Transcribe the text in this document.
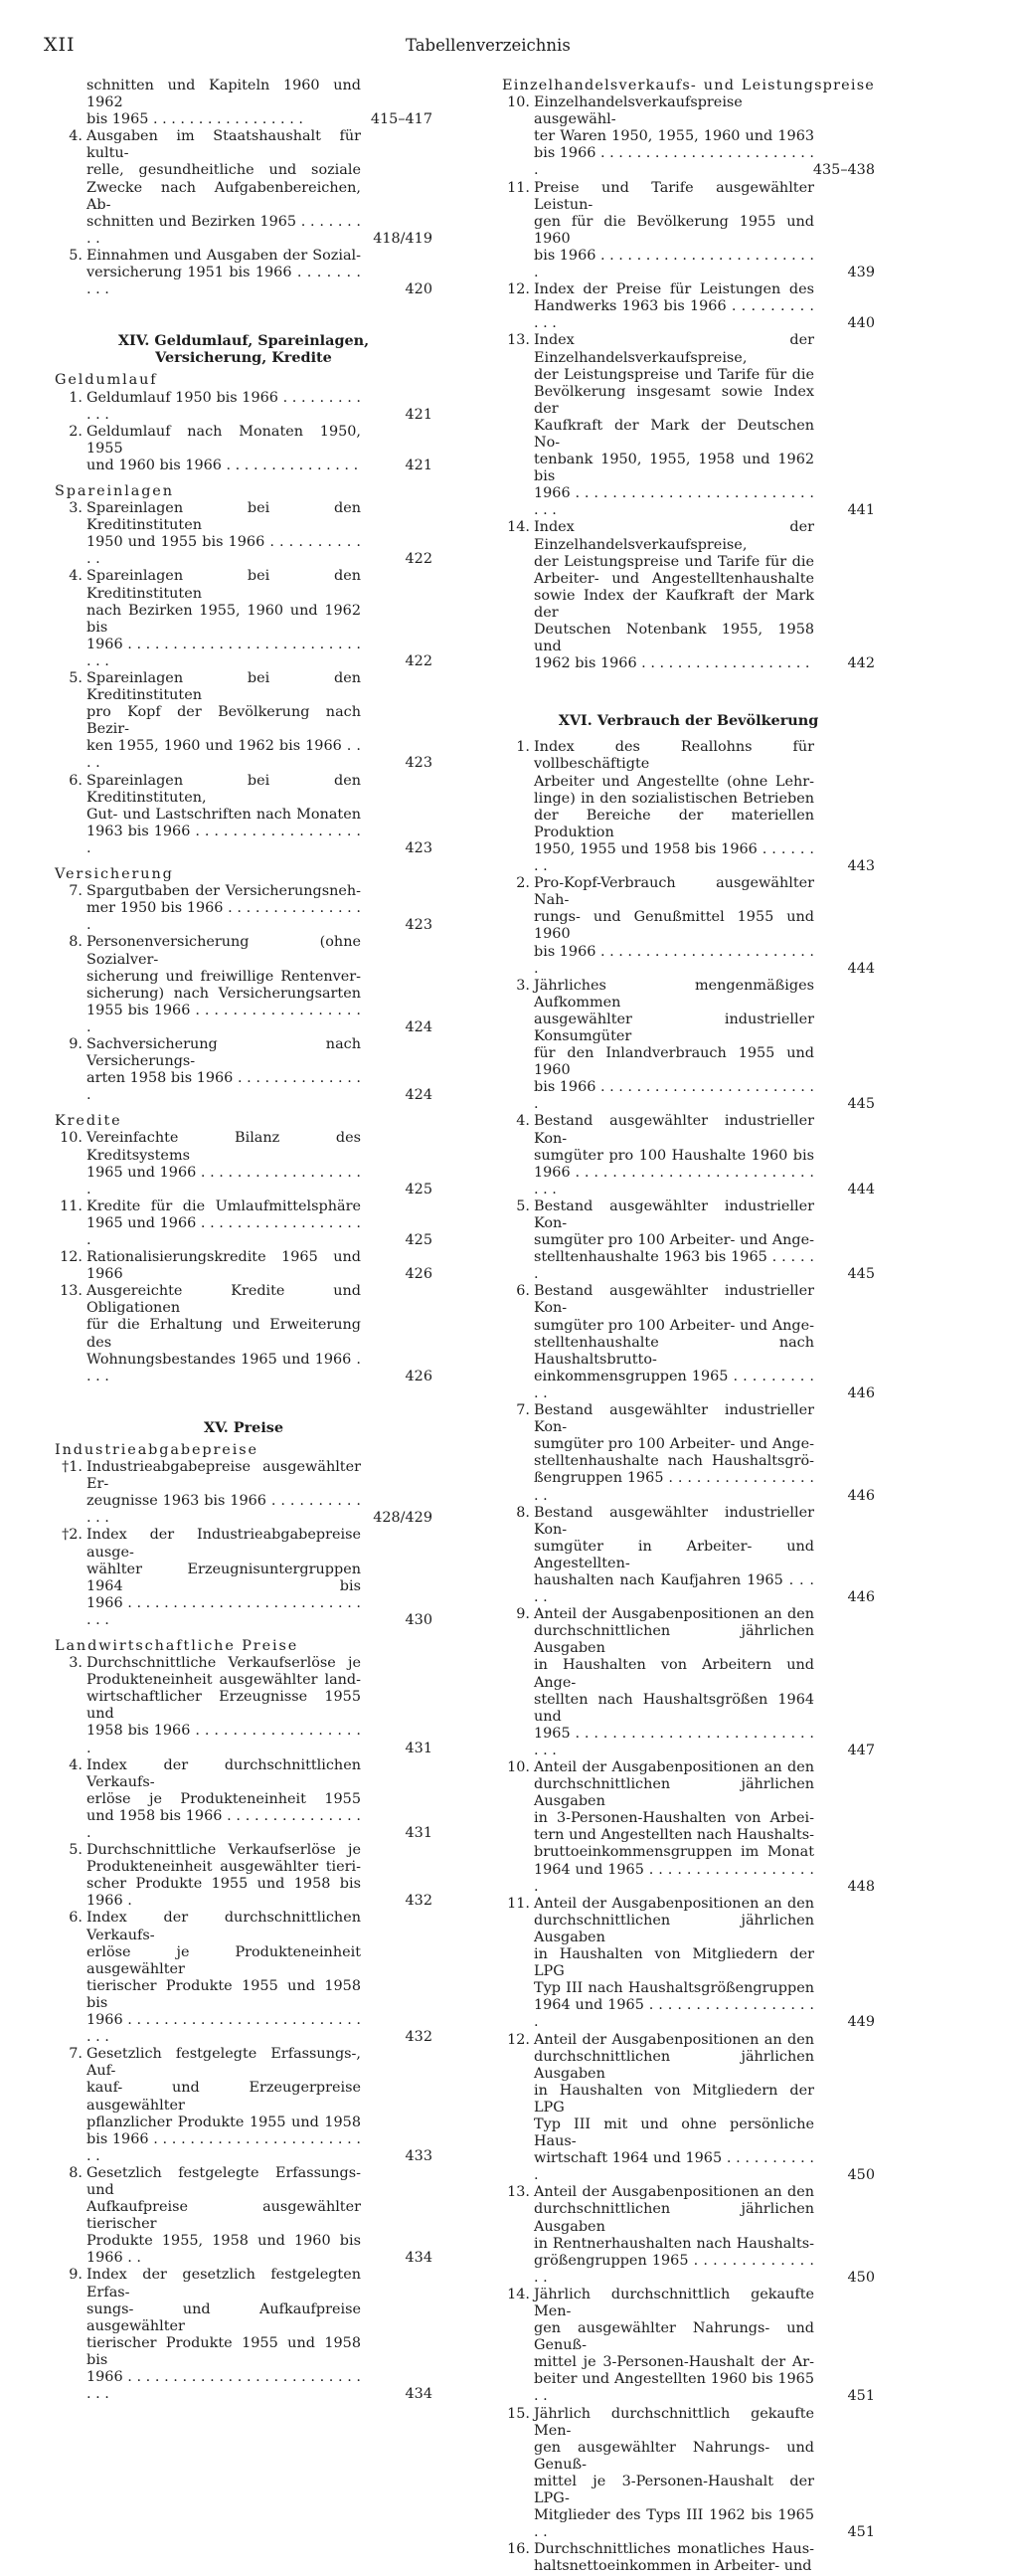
XII	Tabellenverzeichnis
schnitten und Kapiteln 1960 und 1962
bis 1965 . . . . . . . . . . . . . . . . .	415–417
4. Ausgaben im Staatshaushalt für kultu-
relle, gesundheitliche und soziale
Zwecke nach Aufgabenbereichen, Ab-
schnitten und Bezirken 1965 . . . . . . . . .	418/419
5. Einnahmen und Ausgaben der Sozial-
versicherung 1951 bis 1966 . . . . . . . . . .	420
XIV. Geldumlauf, Spareinlagen,
Versicherung, Kredite
Geldumlauf
1. Geldumlauf 1950 bis 1966 . . . . . . . . . . . .	421
2. Geldumlauf nach Monaten 1950, 1955
und 1960 bis 1966 . . . . . . . . . . . . . . .	421
Spareinlagen
3. Spareinlagen bei den Kreditinstituten
1950 und 1955 bis 1966 . . . . . . . . . . . .	422
4. Spareinlagen bei den Kreditinstituten
nach Bezirken 1955, 1960 und 1962 bis
1966 . . . . . . . . . . . . . . . . . . . . . . . . . . . . .	422
5. Spareinlagen bei den Kreditinstituten
pro Kopf der Bevölkerung nach Bezir-
ken 1955, 1960 und 1962 bis 1966 . . . .	423
6. Spareinlagen bei den Kreditinstituten,
Gut- und Lastschriften nach Monaten
1963 bis 1966 . . . . . . . . . . . . . . . . . . .	423
Versicherung
7. Spargutbaben der Versicherungsneh-
mer 1950 bis 1966 . . . . . . . . . . . . . . . .	423
8. Personenversicherung (ohne Sozialver-
sicherung und freiwillige Rentenver-
sicherung) nach Versicherungsarten
1955 bis 1966 . . . . . . . . . . . . . . . . . . .	424
9. Sachversicherung nach Versicherungs-
arten 1958 bis 1966 . . . . . . . . . . . . . . .	424
Kredite
10. Vereinfachte Bilanz des Kreditsystems
1965 und 1966 . . . . . . . . . . . . . . . . . . .	425
11. Kredite für die Umlaufmittelsphäre
1965 und 1966 . . . . . . . . . . . . . . . . . . .	425
12. Rationalisierungskredite 1965 und 1966	426
13. Ausgereichte Kredite und Obligationen
für die Erhaltung und Erweiterung des
Wohnungsbestandes 1965 und 1966 . . . .	426
XV. Preise
Industrieabgabepreise
†1. Industrieabgabepreise ausgewählter Er-
zeugnisse 1963 bis 1966 . . . . . . . . . . . . .	428/429
†2. Index der Industrieabgabepreise ausge-
wählter Erzeugnisuntergruppen 1964 bis
1966 . . . . . . . . . . . . . . . . . . . . . . . . . . . . .	430
Landwirtschaftliche Preise
3. Durchschnittliche Verkaufserlöse je
Produkteneinheit ausgewählter land-
wirtschaftlicher Erzeugnisse 1955 und
1958 bis 1966 . . . . . . . . . . . . . . . . . . .	431
4. Index der durchschnittlichen Verkaufs-
erlöse je Produkteneinheit 1955
und 1958 bis 1966 . . . . . . . . . . . . . . . .	431
5. Durchschnittliche Verkaufserlöse je
Produkteneinheit ausgewählter tieri-
scher Produkte 1955 und 1958 bis 1966 .	432
6. Index der durchschnittlichen Verkaufs-
erlöse je Produkteneinheit ausgewählter
tierischer Produkte 1955 und 1958 bis
1966 . . . . . . . . . . . . . . . . . . . . . . . . . . . . .	432
7. Gesetzlich festgelegte Erfassungs-, Auf-
kauf- und Erzeugerpreise ausgewählter
pflanzlicher Produkte 1955 und 1958
bis 1966 . . . . . . . . . . . . . . . . . . . . . . . . .	433
8. Gesetzlich festgelegte Erfassungs- und
Aufkaufpreise ausgewählter tierischer
Produkte 1955, 1958 und 1960 bis 1966 . .	434
9. Index der gesetzlich festgelegten Erfas-
sungs- und Aufkaufpreise ausgewählter
tierischer Produkte 1955 und 1958 bis
1966 . . . . . . . . . . . . . . . . . . . . . . . . . . . . .	434
Einzelhandelsverkaufs- und Leistungspreise
10. Einzelhandelsverkaufspreise ausgewähl-
ter Waren 1950, 1955, 1960 und 1963
bis 1966 . . . . . . . . . . . . . . . . . . . . . . . . .	435–438
11. Preise und Tarife ausgewählter Leistun-
gen für die Bevölkerung 1955 und 1960
bis 1966 . . . . . . . . . . . . . . . . . . . . . . . . .	439
12. Index der Preise für Leistungen des
Handwerks 1963 bis 1966 . . . . . . . . . . . .	440
13. Index der Einzelhandelsverkaufspreise,
der Leistungspreise und Tarife für die
Bevölkerung insgesamt sowie Index der
Kaufkraft der Mark der Deutschen No-
tenbank 1950, 1955, 1958 und 1962 bis
1966 . . . . . . . . . . . . . . . . . . . . . . . . . . . . .	441
14. Index der Einzelhandelsverkaufspreise,
der Leistungspreise und Tarife für die
Arbeiter- und Angestelltenhaushalte
sowie Index der Kaufkraft der Mark der
Deutschen Notenbank 1955, 1958 und
1962 bis 1966 . . . . . . . . . . . . . . . . . . .	442
XVI. Verbrauch der Bevölkerung
1. Index des Reallohns für vollbeschäftigte
Arbeiter und Angestellte (ohne Lehr-
linge) in den sozialistischen Betrieben
der Bereiche der materiellen Produktion
1950, 1955 und 1958 bis 1966 . . . . . . . .	443
2. Pro-Kopf-Verbrauch ausgewählter Nah-
rungs- und Genußmittel 1955 und 1960
bis 1966 . . . . . . . . . . . . . . . . . . . . . . . . .	444
3. Jährliches mengenmäßiges Aufkommen
ausgewählter industrieller Konsumgüter
für den Inlandverbrauch 1955 und 1960
bis 1966 . . . . . . . . . . . . . . . . . . . . . . . . .	445
4. Bestand ausgewählter industrieller Kon-
sumgüter pro 100 Haushalte 1960 bis
1966 . . . . . . . . . . . . . . . . . . . . . . . . . . . . .	444
5. Bestand ausgewählter industrieller Kon-
sumgüter pro 100 Arbeiter- und Ange-
stelltenhaushalte 1963 bis 1965 . . . . . .	445
6. Bestand ausgewählter industrieller Kon-
sumgüter pro 100 Arbeiter- und Ange-
stelltenhaushalte nach Haushaltsbrutto-
einkommensgruppen 1965 . . . . . . . . . . .	446
7. Bestand ausgewählter industrieller Kon-
sumgüter pro 100 Arbeiter- und Ange-
stelltenhaushalte nach Haushaltsgrö-
ßengruppen 1965 . . . . . . . . . . . . . . . . . .	446
8. Bestand ausgewählter industrieller Kon-
sumgüter in Arbeiter- und Angestellten-
haushalten nach Kaufjahren 1965 . . . . .	446
9. Anteil der Ausgabenpositionen an den
durchschnittlichen jährlichen Ausgaben
in Haushalten von Arbeitern und Ange-
stellten nach Haushaltsgrößen 1964 und
1965 . . . . . . . . . . . . . . . . . . . . . . . . . . . . .	447
10. Anteil der Ausgabenpositionen an den
durchschnittlichen jährlichen Ausgaben
in 3-Personen-Haushalten von Arbei-
tern und Angestellten nach Haushalts-
bruttoeinkommensgruppen im Monat
1964 und 1965 . . . . . . . . . . . . . . . . . . .	448
11. Anteil der Ausgabenpositionen an den
durchschnittlichen jährlichen Ausgaben
in Haushalten von Mitgliedern der LPG
Typ III nach Haushaltsgrößengruppen
1964 und 1965 . . . . . . . . . . . . . . . . . . .	449
12. Anteil der Ausgabenpositionen an den
durchschnittlichen jährlichen Ausgaben
in Haushalten von Mitgliedern der LPG
Typ III mit und ohne persönliche Haus-
wirtschaft 1964 und 1965 . . . . . . . . . . .	450
13. Anteil der Ausgabenpositionen an den
durchschnittlichen jährlichen Ausgaben
in Rentnerhaushalten nach Haushalts-
größengruppen 1965 . . . . . . . . . . . . . . .	450
14. Jährlich durchschnittlich gekaufte Men-
gen ausgewählter Nahrungs- und Genuß-
mittel je 3-Personen-Haushalt der Ar-
beiter und Angestellten 1960 bis 1965 . .	451
15. Jährlich durchschnittlich gekaufte Men-
gen ausgewählter Nahrungs- und Genuß-
mittel je 3-Personen-Haushalt der LPG-
Mitglieder des Typs III 1962 bis 1965 . .	451
16. Durchschnittliches monatliches Haus-
haltsnettoeinkommen in Arbeiter- und
